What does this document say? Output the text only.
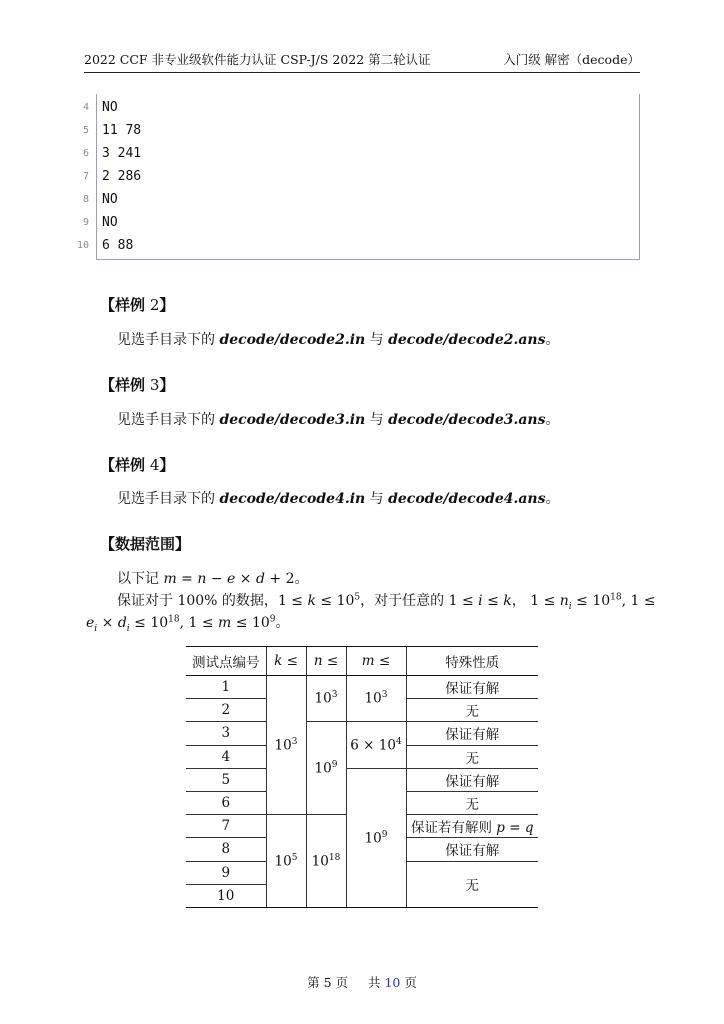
2022 CCF 非专业级软件能力认证 CSP-J/S 2022 第二轮认证	入门级 解密（decode）
4 NO
5 11 78
6 3 241
7 2 286
8 NO
9 NO
10 6 88
【样例 2】
见选手目录下的 decode/decode2.in 与 decode/decode2.ans。
【样例 3】
见选手目录下的 decode/decode3.in 与 decode/decode3.ans。
【样例 4】
见选手目录下的 decode/decode4.in 与 decode/decode4.ans。
【数据范围】
以下记 m = n − e × d + 2。
保证对于 100% 的数据，$1 \le k \le 10^5$，对于任意的 1 ≤ i ≤ k， $1 \le n_i \le 10^{18}$, 1 ≤
$e_i \times d_i \le 10^{18}$, $1 \le m \le 10^9$。
测试点编号	k ≤	n ≤	m ≤	特殊性质
1	$10^3$	$10^3$	$10^3$	保证有解
2				无
3		$10^9$	$6 \times 10^4$	保证有解
4				无
5			$10^9$	保证有解
6				无
7	$10^5$	$10^{18}$		保证若有解则 p = q
8				保证有解
9				无
10				
第 5 页 共 10 页
